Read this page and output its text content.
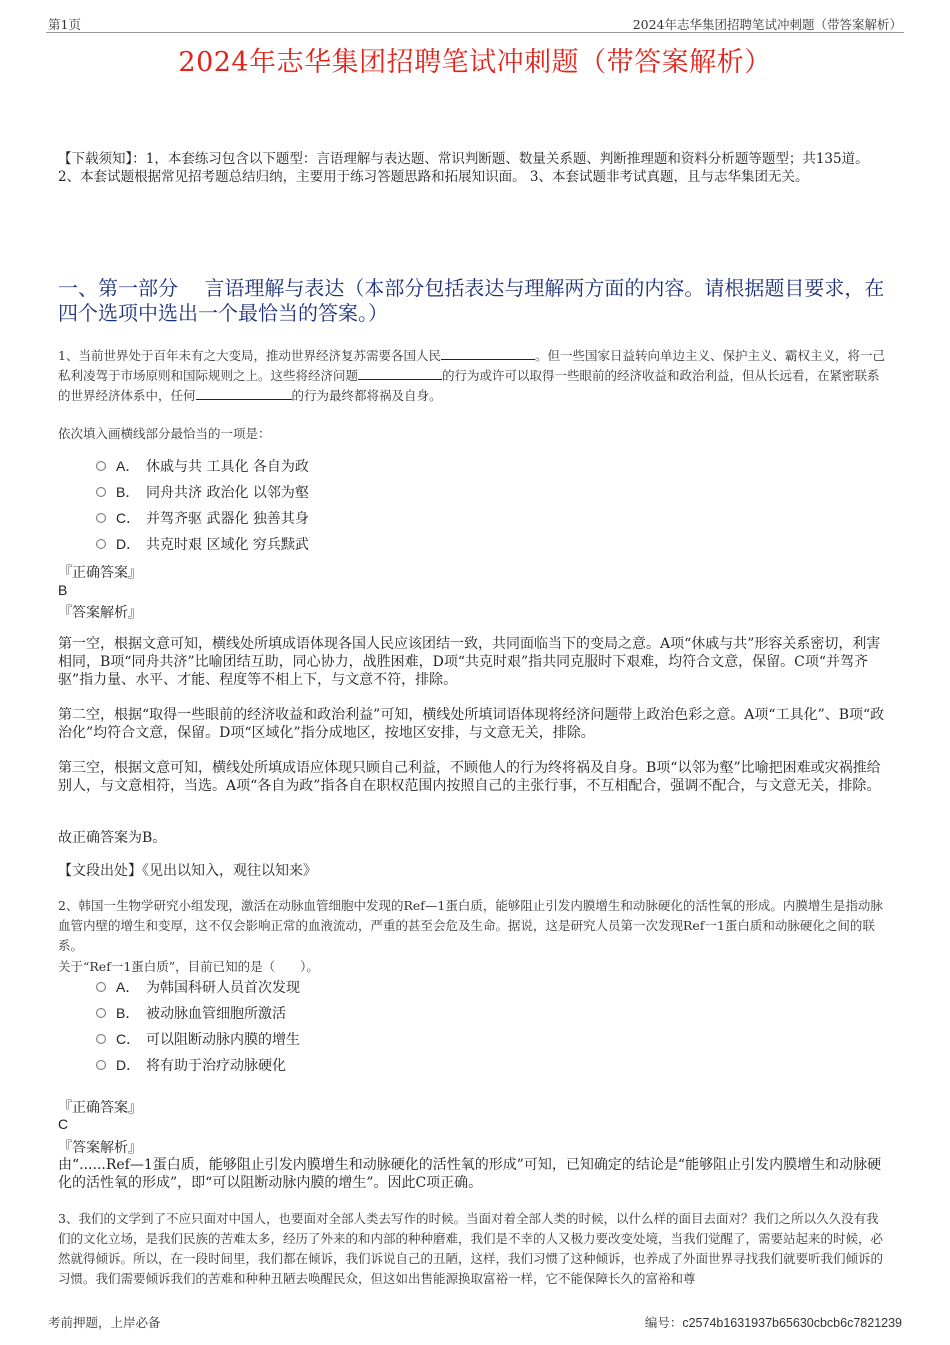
第1页	2024年志华集团招聘笔试冲刺题（带答案解析）
2024年志华集团招聘笔试冲刺题（带答案解析）
【下载须知】：1，本套练习包含以下题型：言语理解与表达题、常识判断题、数量关系题、判断推理题和资料分析题等题型；共135道。 2、本套试题根据常见招考题总结归纳，主要用于练习答题思路和拓展知识面。 3、本套试题非考试真题，且与志华集团无关。
一、第一部分　 言语理解与表达（本部分包括表达与理解两方面的内容。请根据题目要求，在四个选项中选出一个最恰当的答案。）
1、当前世界处于百年未有之大变局，推动世界经济复苏需要各国人民	。但一些国家日益转向单边主义、保护主义、霸权主义，将一己私利凌驾于市场原则和国际规则之上。这些将经济问题	的行为或许可以取得一些眼前的经济收益和政治利益，但从长远看，在紧密联系的世界经济体系中，任何	的行为最终都将祸及自身。
依次填入画横线部分最恰当的一项是：
A． 休戚与共 工具化 各自为政
B． 同舟共济 政治化 以邻为壑
C． 并驾齐驱 武器化 独善其身
D． 共克时艰 区域化 穷兵黩武
『正确答案』
B
『答案解析』
第一空，根据文意可知，横线处所填成语体现各国人民应该团结一致，共同面临当下的变局之意。A项“休戚与共”形容关系密切，利害相同，B项“同舟共济”比喻团结互助，同心协力，战胜困难，D项“共克时艰”指共同克服时下艰难，均符合文意，保留。C项“并驾齐驱”指力量、水平、才能、程度等不相上下，与文意不符，排除。
第二空，根据“取得一些眼前的经济收益和政治利益”可知，横线处所填词语体现将经济问题带上政治色彩之意。A项“工具化”、B项“政治化”均符合文意，保留。D项“区域化”指分成地区，按地区安排，与文意无关，排除。
第三空，根据文意可知，横线处所填成语应体现只顾自己利益，不顾他人的行为终将祸及自身。B项“以邻为壑”比喻把困难或灾祸推给别人，与文意相符，当选。A项“各自为政”指各自在职权范围内按照自己的主张行事，不互相配合，强调不配合，与文意无关，排除。
故正确答案为B。
【文段出处】《见出以知入，观往以知来》
2、韩国一生物学研究小组发现，激活在动脉血管细胞中发现的Ref—1蛋白质，能够阻止引发内膜增生和动脉硬化的活性氧的形成。内膜增生是指动脉血管内壁的增生和变厚，这不仅会影响正常的血液流动，严重的甚至会危及生命。据说，这是研究人员第一次发现Ref一1蛋白质和动脉硬化之间的联系。
关于“Ref一1蛋白质”，目前已知的是（　　）。
A． 为韩国科研人员首次发现
B． 被动脉血管细胞所激活
C． 可以阻断动脉内膜的增生
D． 将有助于治疗动脉硬化
『正确答案』
C
『答案解析』
由“......Ref—1蛋白质，能够阻止引发内膜增生和动脉硬化的活性氧的形成”可知，已知确定的结论是“能够阻止引发内膜增生和动脉硬化的活性氧的形成”，即“可以阻断动脉内膜的增生”。因此C项正确。
3、我们的文学到了不应只面对中国人，也要面对全部人类去写作的时候。当面对着全部人类的时候，以什么样的面目去面对？我们之所以久久没有我们的文化立场，是我们民族的苦难太多，经历了外来的和内部的种种磨难，我们是不幸的人又极力要改变处境，当我们觉醒了，需要站起来的时候，必然就得倾诉。所以，在一段时间里，我们都在倾诉，我们诉说自己的丑陋，这样，我们习惯了这种倾诉，也养成了外面世界寻找我们就要听我们倾诉的习惯。我们需要倾诉我们的苦难和种种丑陋去唤醒民众，但这如出售能源换取富裕一样，它不能保障长久的富裕和尊
考前押题，上岸必备	编号：c2574b1631937b65630cbcb6c7821239
